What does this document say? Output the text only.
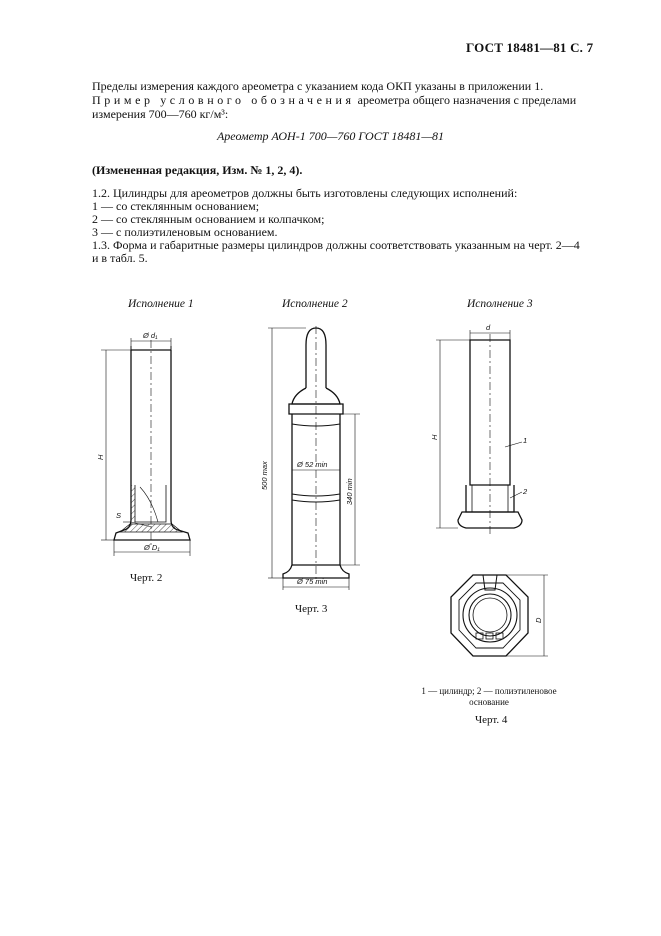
ГОСТ 18481—81 С. 7
Пределы измерения каждого ареометра с указанием кода ОКП указаны в приложении 1.
Пример условного обозначения ареометра общего назначения с пределами
измерения 700—760 кг/м³:
Ареометр АОН-1 700—760 ГОСТ 18481—81
(Измененная редакция, Изм. № 1, 2, 4).
1.2. Цилиндры для ареометров должны быть изготовлены следующих исполнений:
1 — со стеклянным основанием;
2 — со стеклянным основанием и колпачком;
3 — с полиэтиленовым основанием.
1.3. Форма и габаритные размеры цилиндров должны соответствовать указанным на черт. 2—4
и в табл. 5.
Исполнение 1	Исполнение 2	Исполнение 3
Ø d₁
H
S
Ø D₁
500 max
340 min
Ø 52 min
Ø 75 min
d
H	1
2
D
Черт. 2
Черт. 3
1 — цилиндр; 2 — полиэтиленовое
основание
Черт. 4
